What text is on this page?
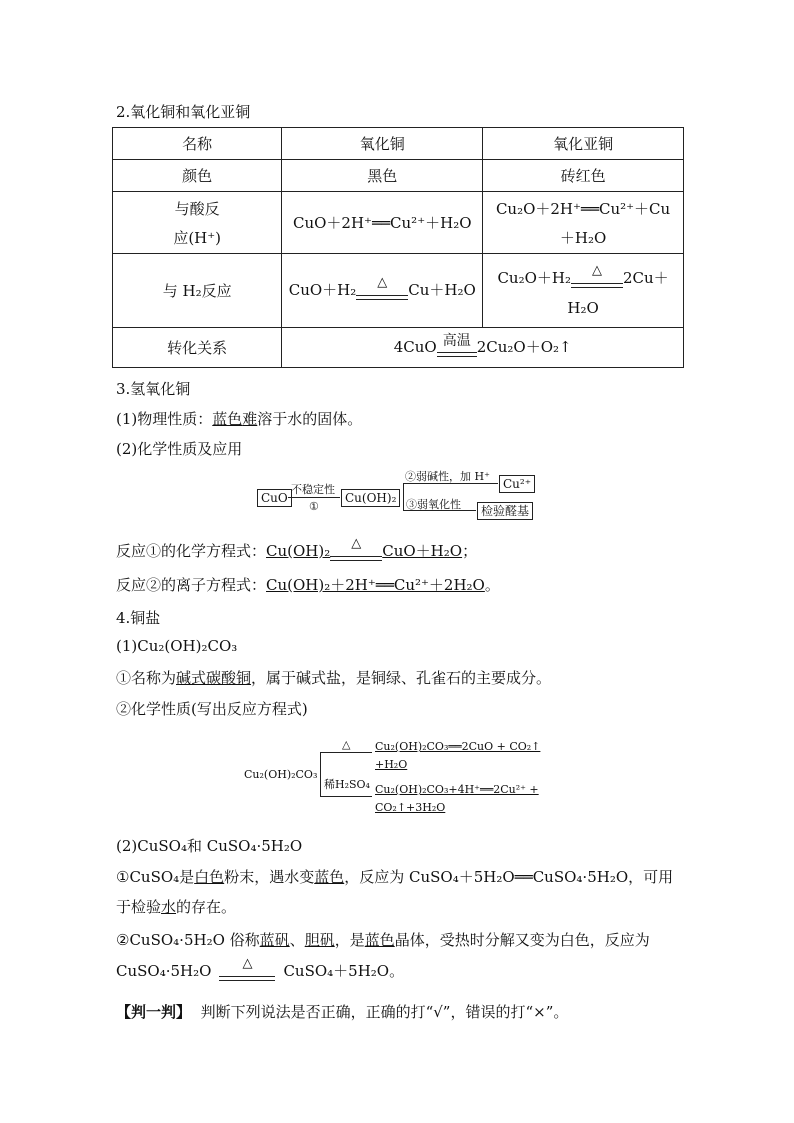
2.氧化铜和氧化亚铜
名称	氧化铜	氧化亚铜
颜色	黑色	砖红色

与酸反
应(H⁺)	CuO＋2H⁺══Cu²⁺＋H₂O	Cu₂O＋2H⁺══Cu²⁺＋Cu
＋H₂O

与 H₂反应	CuO＋H₂ △ Cu＋H₂O	Cu₂O＋H₂ △ 2Cu＋
H₂O

转化关系	4CuO 高温 2Cu₂O＋O₂↑	
3.氢氧化铜
(1)物理性质：蓝色难溶于水的固体。
(2)化学性质及应用
CuO
不稳定性
①
Cu(OH)₂
②弱碱性，加 H⁺
Cu²⁺
③弱氧化性	检验醛基
反应①的化学方程式：Cu(OH)₂	△	CuO＋H₂O；
反应②的离子方程式：Cu(OH)₂＋2H⁺══Cu²⁺＋2H₂O。
4.铜盐
(1)Cu₂(OH)₂CO₃
①名称为碱式碳酸铜，属于碱式盐，是铜绿、孔雀石的主要成分。
②化学性质(写出反应方程式)
Cu₂(OH)₂CO₃
△ Cu₂(OH)₂CO₃══2CuO + CO₂↑
+H₂O
稀H₂SO₄ Cu₂(OH)₂CO₃+4H⁺══2Cu²⁺ +
CO₂↑+3H₂O
(2)CuSO₄和 CuSO₄·5H₂O
①CuSO₄是白色粉末，遇水变蓝色，反应为 CuSO₄＋5H₂O══CuSO₄·5H₂O，可用
于检验水的存在。
②CuSO₄·5H₂O 俗称蓝矾、胆矾，是蓝色晶体，受热时分解又变为白色，反应为
CuSO₄·5H₂O	△	CuSO₄＋5H₂O。
【判一判】 判断下列说法是否正确，正确的打“√”，错误的打“×”。
